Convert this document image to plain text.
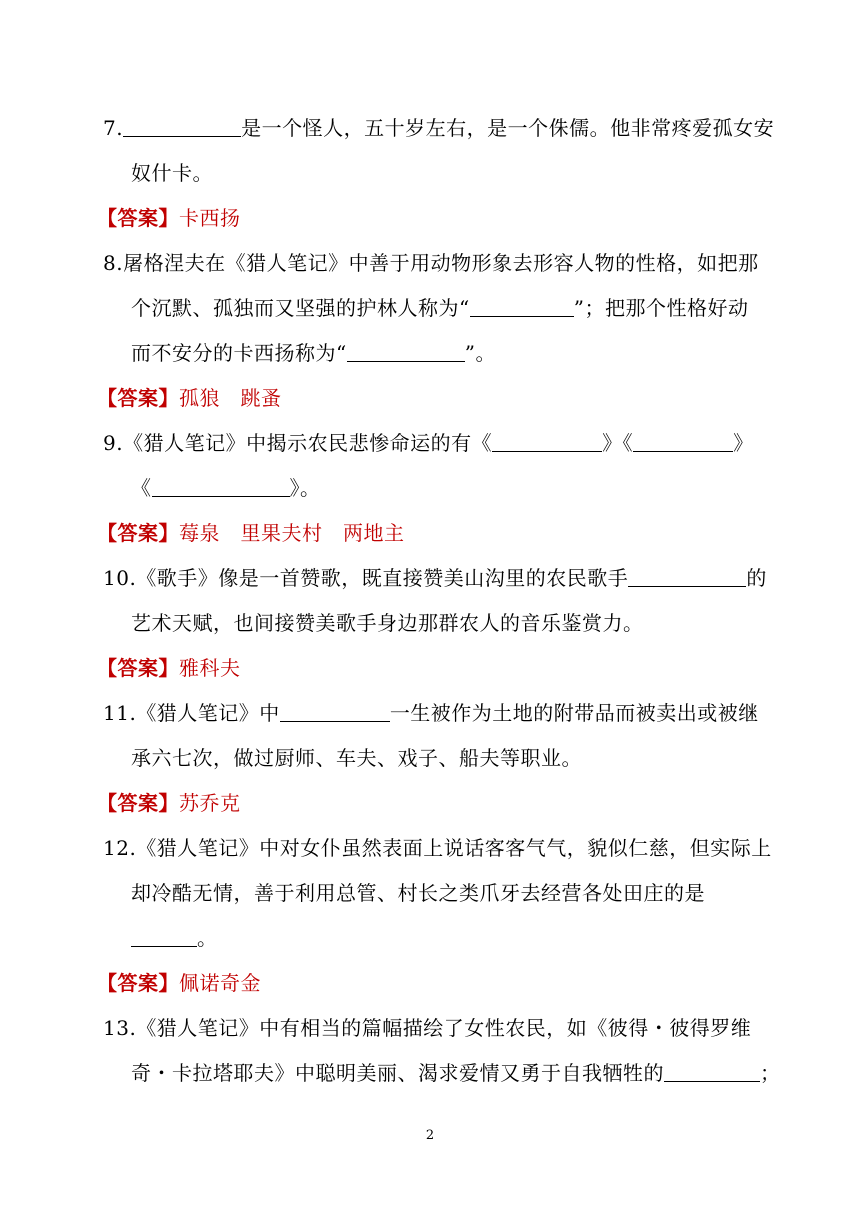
7.	是一个怪人，五十岁左右，是一个侏儒。他非常疼爱孤女安
奴什卡。
【答案】卡西扬
8.屠格涅夫在《猎人笔记》中善于用动物形象去形容人物的性格，如把那
个沉默、孤独而又坚强的护林人称为“	”；把那个性格好动
而不安分的卡西扬称为“	”。
【答案】孤狼　跳蚤
9.《猎人笔记》中揭示农民悲惨命运的有《	》《	》
《	》。
【答案】莓泉　里果夫村　两地主
10.《歌手》像是一首赞歌，既直接赞美山沟里的农民歌手	的
艺术天赋，也间接赞美歌手身边那群农人的音乐鉴赏力。
【答案】雅科夫
11.《猎人笔记》中	一生被作为土地的附带品而被卖出或被继
承六七次，做过厨师、车夫、戏子、船夫等职业。
【答案】苏乔克
12.《猎人笔记》中对女仆虽然表面上说话客客气气，貌似仁慈，但实际上
却冷酷无情，善于利用总管、村长之类爪牙去经营各处田庄的是
。
【答案】佩诺奇金
13.《猎人笔记》中有相当的篇幅描绘了女性农民，如《彼得・彼得罗维
奇・卡拉塔耶夫》中聪明美丽、渴求爱情又勇于自我牺牲的	；
2
